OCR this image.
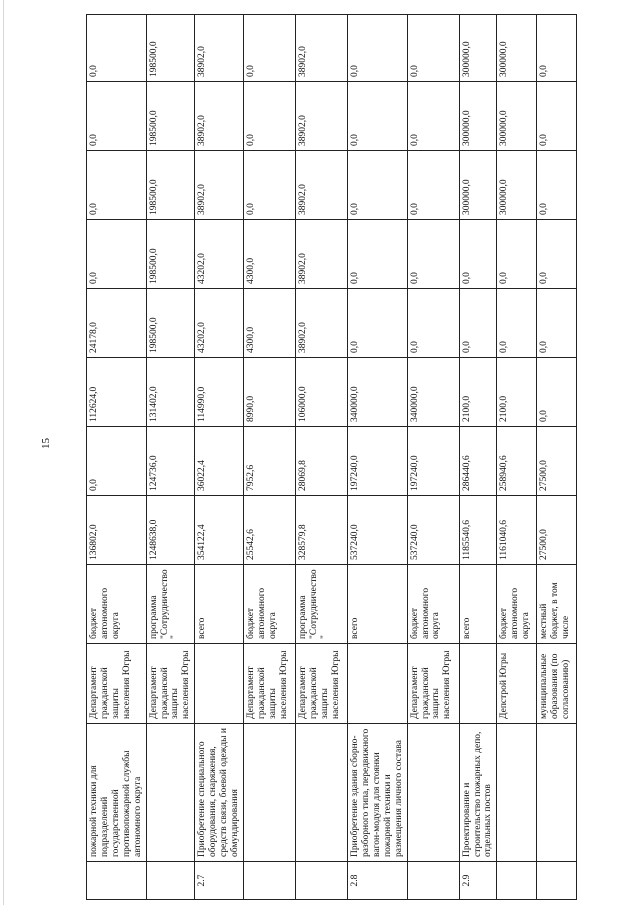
15
	пожарной техники для подразделений государственной противопожарной службы автономного округа	Департамент гражданской защиты населения Югры	бюджет автономного округа	136802,0	0,0	112624,0	24178,0	0,0	0,0	0,0	0,0
		Департамент гражданской защиты населения Югры	программа "Сотрудничество"	1248638,0	124736,0	131402,0	198500,0	198500,0	198500,0	198500,0	198500,0
2.7	Приобретение специального оборудования, снаряжения, средств связи, боевой одежды и обмундирования		всего	354122,4	36022,4	114990,0	43202,0	43202,0	38902,0	38902,0	38902,0
		Департамент гражданской защиты населения Югры	бюджет автономного округа	25542,6	7952,6	8990,0	4300,0	4300,0	0,0	0,0	0,0
		Департамент гражданской защиты населения Югры	программа "Сотрудничество"	328579,8	28069,8	106000,0	38902,0	38902,0	38902,0	38902,0	38902,0
2.8	Приобретение здания сборно-разборного типа, передвижного вагон-модуля для стоянки пожарной техники и размещения личного состава		всего	537240,0	197240,0	340000,0	0,0	0,0	0,0	0,0	0,0
		Департамент гражданской защиты населения Югры	бюджет автономного округа	537240,0	197240,0	340000,0	0,0	0,0	0,0	0,0	0,0
2.9	Проектирование и строительство пожарных депо, отдельных постов		всего	1185540,6	286440,6	2100,0	0,0	0,0	300000,0	300000,0	300000,0
		Депстрой Югры	бюджет автономного округа	1161040,6	258940,6	2100,0	0,0	0,0	300000,0	300000,0	300000,0
		муниципальные образования (по согласованию)	местный бюджет, в том числе	27500,0	27500,0	0,0	0,0	0,0	0,0	0,0	0,0
